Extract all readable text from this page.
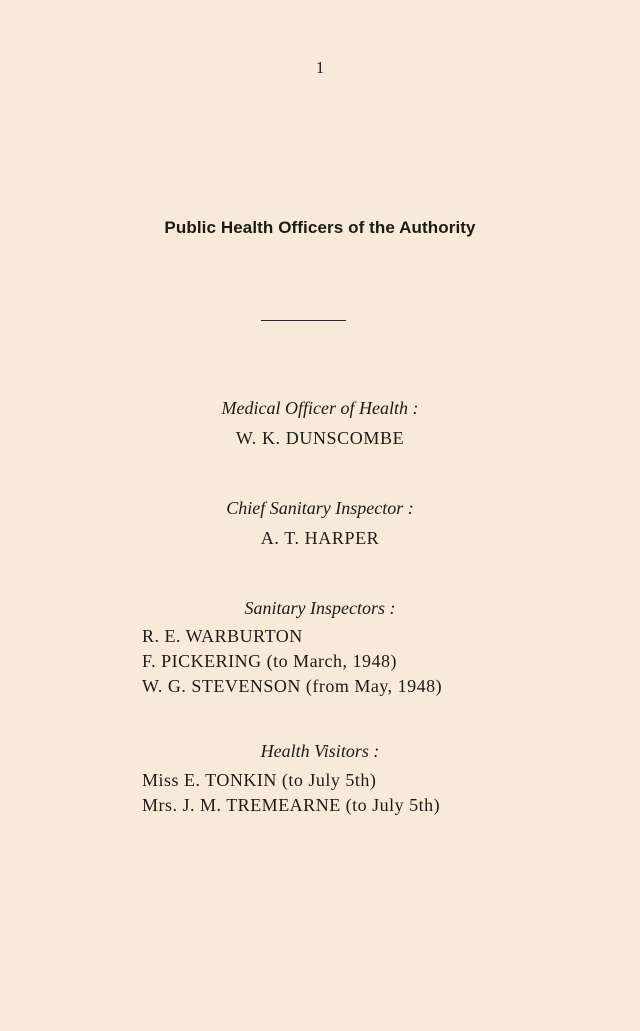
1
Public Health Officers of the Authority
Medical Officer of Health :
W. K. DUNSCOMBE
Chief Sanitary Inspector :
A. T. HARPER
Sanitary Inspectors :
R. E. WARBURTON
F. PICKERING (to March, 1948)
W. G. STEVENSON (from May, 1948)
Health Visitors :
Miss E. TONKIN (to July 5th)
Mrs. J. M. TREMEARNE (to July 5th)
